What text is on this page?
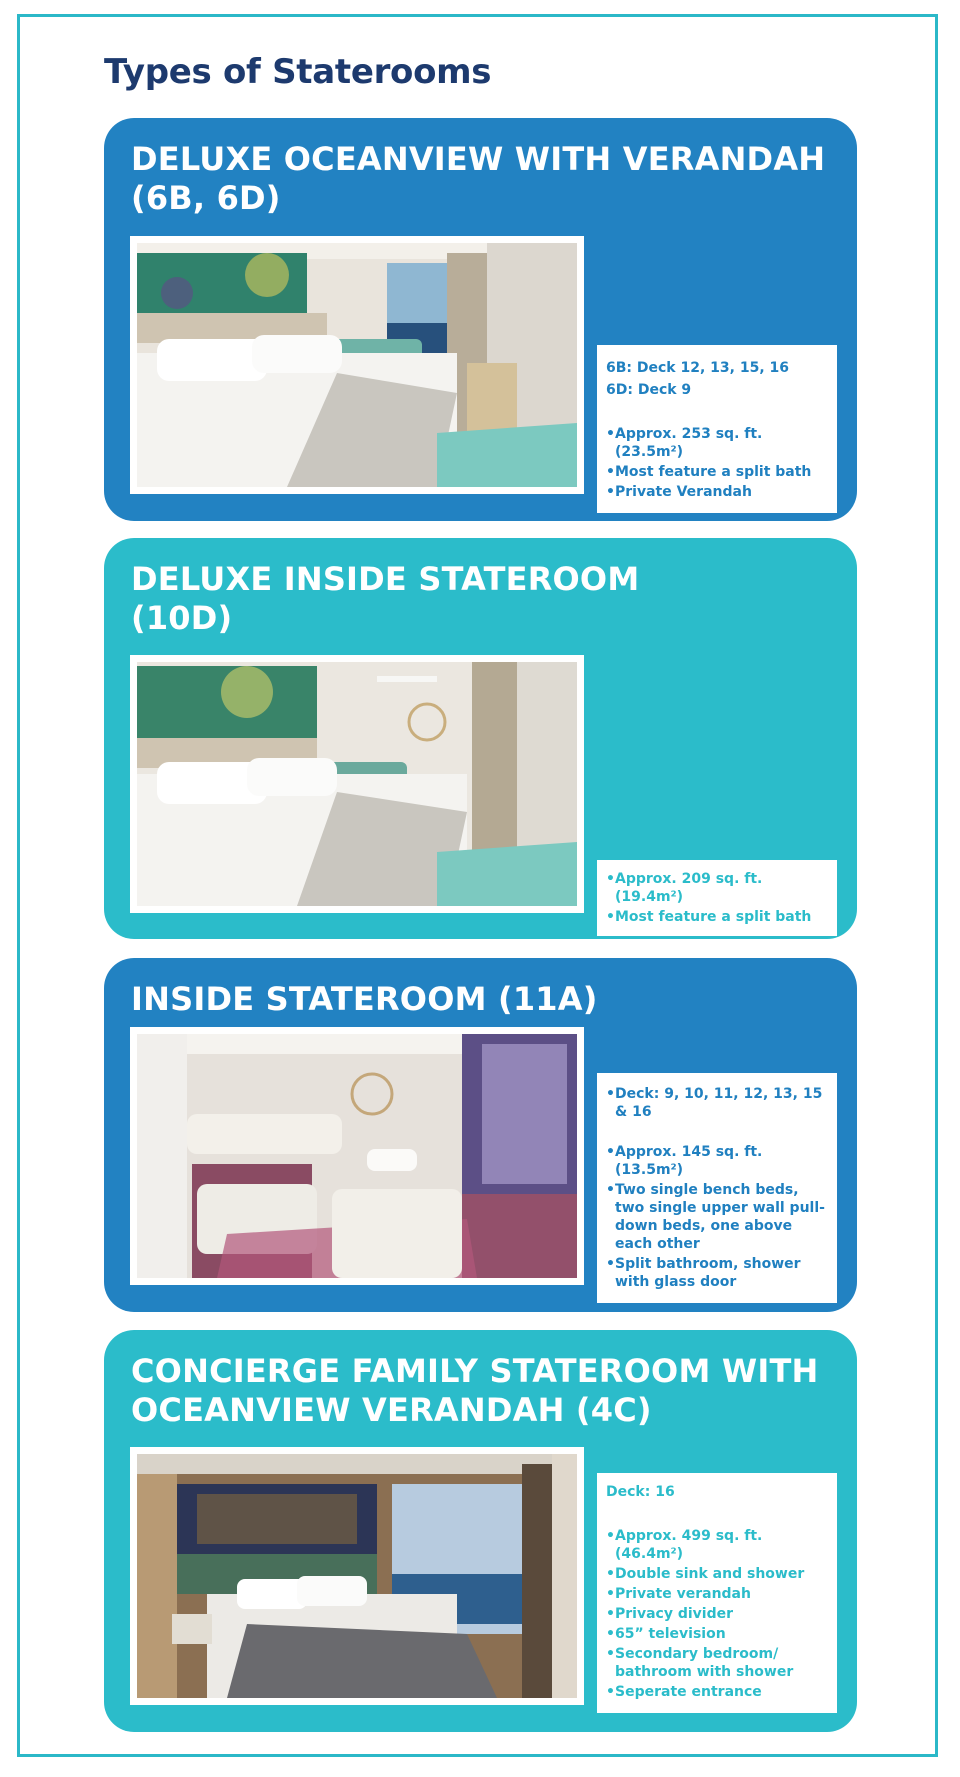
Types of Staterooms
DELUXE OCEANVIEW WITH VERANDAH
(6B, 6D)
6B: Deck 12, 13, 15, 16
6D: Deck 9
• Approx. 253 sq. ft. (23.5m²)
• Most feature a split bath
• Private Verandah
DELUXE INSIDE STATEROOM
(10D)
• Approx. 209 sq. ft. (19.4m²)
• Most feature a split bath
INSIDE STATEROOM (11A)
• Deck: 9, 10, 11, 12, 13, 15 & 16
• Approx. 145 sq. ft. (13.5m²)
• Two single bench beds, two single upper wall pull-down beds, one above each other
• Split bathroom, shower with glass door
CONCIERGE FAMILY STATEROOM WITH
OCEANVIEW VERANDAH (4C)
Deck: 16
• Approx. 499 sq. ft. (46.4m²)
• Double sink and shower
• Private verandah
• Privacy divider
• 65” television
• Secondary bedroom/ bathroom with shower
• Seperate entrance
